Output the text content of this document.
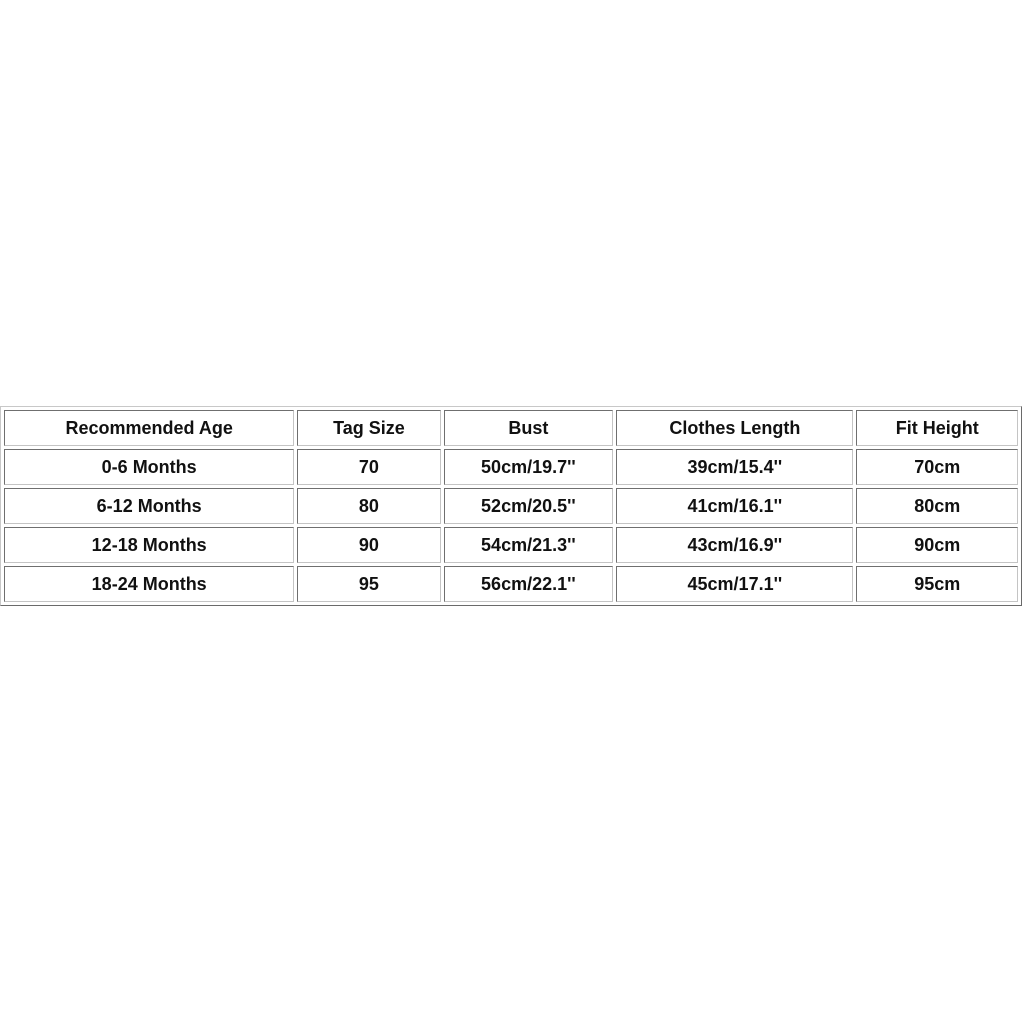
Recommended Age	Tag Size	Bust	Clothes Length	Fit Height
0-6 Months	70	50cm/19.7''	39cm/15.4''	70cm
6-12 Months	80	52cm/20.5''	41cm/16.1''	80cm
12-18 Months	90	54cm/21.3''	43cm/16.9''	90cm
18-24 Months	95	56cm/22.1''	45cm/17.1''	95cm
